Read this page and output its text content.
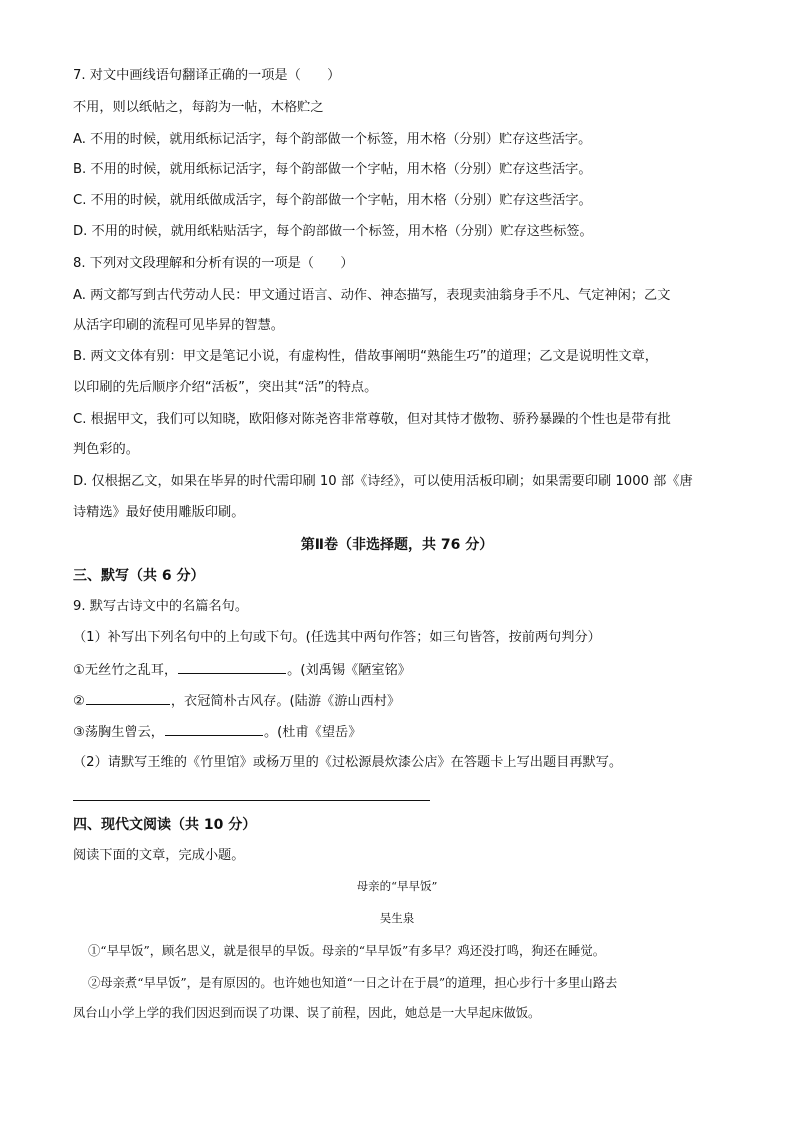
7. 对文中画线语句翻译正确的一项是（　　）
不用，则以纸帖之，每韵为一帖，木格贮之
A. 不用的时候，就用纸标记活字，每个韵部做一个标签，用木格（分别）贮存这些活字。
B. 不用的时候，就用纸标记活字，每个韵部做一个字帖，用木格（分别）贮存这些活字。
C. 不用的时候，就用纸做成活字，每个韵部做一个字帖，用木格（分别）贮存这些活字。
D. 不用的时候，就用纸粘贴活字，每个韵部做一个标签，用木格（分别）贮存这些标签。
8. 下列对文段理解和分析有误的一项是（　　）
A. 两文都写到古代劳动人民：甲文通过语言、动作、神态描写，表现卖油翁身手不凡、气定神闲；乙文
从活字印刷的流程可见毕昇的智慧。
B. 两文文体有别：甲文是笔记小说，有虚构性，借故事阐明“熟能生巧”的道理；乙文是说明性文章，
以印刷的先后顺序介绍“活板”，突出其“活”的特点。
C. 根据甲文，我们可以知晓，欧阳修对陈尧咨非常尊敬，但对其恃才傲物、骄矜暴躁的个性也是带有批
判色彩的。
D. 仅根据乙文，如果在毕昇的时代需印刷 10 部《诗经》，可以使用活板印刷；如果需要印刷 1000 部《唐
诗精选》最好使用雕版印刷。
第Ⅱ卷（非选择题，共 76 分）
三、默写（共 6 分）
9. 默写古诗文中的名篇名句。
（1）补写出下列名句中的上句或下句。(任选其中两句作答；如三句皆答，按前两句判分）
①无丝竹之乱耳，	。(刘禹锡《陋室铭》
②	，衣冠简朴古风存。(陆游《游山西村》
③荡胸生曾云，	。(杜甫《望岳》
（2）请默写王维的《竹里馆》或杨万里的《过松源晨炊漆公店》在答题卡上写出题目再默写。
四、现代文阅读（共 10 分）
阅读下面的文章，完成小题。
母亲的“早早饭”
吴生泉
①“早早饭”，顾名思义，就是很早的早饭。母亲的“早早饭”有多早？鸡还没打鸣，狗还在睡觉。
②母亲煮“早早饭”，是有原因的。也许她也知道“一日之计在于晨”的道理，担心步行十多里山路去
凤台山小学上学的我们因迟到而误了功课、误了前程，因此，她总是一大早起床做饭。
